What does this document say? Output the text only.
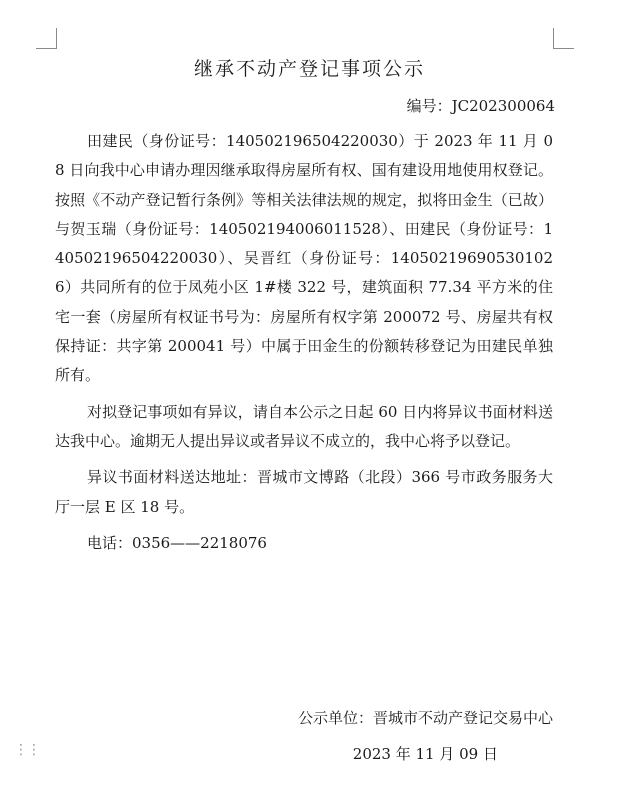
继承不动产登记事项公示
编号：JC202300064

田建民（身份证号：140502196504220030）于 2023 年 11 月 08 日向我中心申请办理因继承取得房屋所有权、国有建设用地使用权登记。按照《不动产登记暂行条例》等相关法律法规的规定，拟将田金生（已故）与贺玉瑞（身份证号：140502194006011528）、田建民（身份证号：140502196504220030）、吴晋红（身份证号：140502196905301026）共同所有的位于凤苑小区 1#楼 322 号，建筑面积 77.34 平方米的住宅一套（房屋所有权证书号为：房屋所有权字第 200072 号、房屋共有权保持证：共字第 200041 号）中属于田金生的份额转移登记为田建民单独所有。

对拟登记事项如有异议，请自本公示之日起 60 日内将异议书面材料送达我中心。逾期无人提出异议或者异议不成立的，我中心将予以登记。

异议书面材料送达地址：晋城市文博路（北段）366 号市政务服务大厅一层 E 区 18 号。

电话：0356——2218076

公示单位：晋城市不动产登记交易中心
2023 年 11 月 09 日
⋮⋮
